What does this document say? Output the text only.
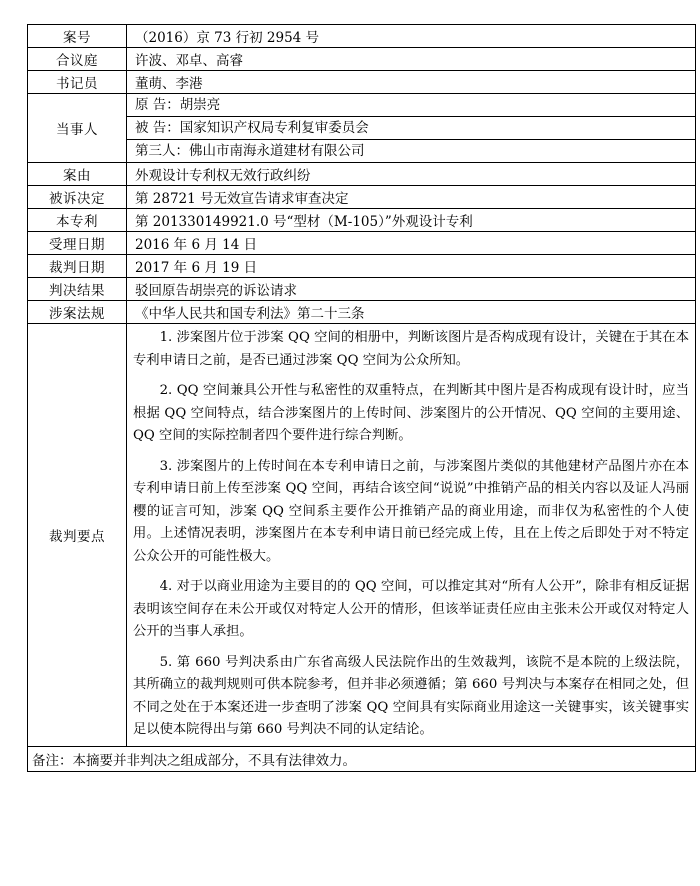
案号	（2016）京 73 行初 2954 号
合议庭	许波、邓卓、高睿
书记员	董萌、李港
当事人	原 告：胡崇亮
被 告：国家知识产权局专利复审委员会
第三人：佛山市南海永道建材有限公司

案由	外观设计专利权无效行政纠纷
被诉决定	第 28721 号无效宣告请求审查决定
本专利	第 201330149921.0 号“型材（M-105）”外观设计专利
受理日期	2016 年 6 月 14 日
裁判日期	2017 年 6 月 19 日
判决结果	驳回原告胡崇亮的诉讼请求
涉案法规	《中华人民共和国专利法》第二十三条
裁判要点	1. 涉案图片位于涉案 QQ 空间的相册中，判断该图片是否构成现有设计，关键在于其在本专利申请日之前，是否已通过涉案 QQ 空间为公众所知。

2. QQ 空间兼具公开性与私密性的双重特点，在判断其中图片是否构成现有设计时，应当根据 QQ 空间特点，结合涉案图片的上传时间、涉案图片的公开情况、QQ 空间的主要用途、QQ 空间的实际控制者四个要件进行综合判断。

3. 涉案图片的上传时间在本专利申请日之前，与涉案图片类似的其他建材产品图片亦在本专利申请日前上传至涉案 QQ 空间，再结合该空间“说说”中推销产品的相关内容以及证人冯丽樱的证言可知，涉案 QQ 空间系主要作公开推销产品的商业用途，而非仅为私密性的个人使用。上述情况表明，涉案图片在本专利申请日前已经完成上传，且在上传之后即处于对不特定公众公开的可能性极大。

4. 对于以商业用途为主要目的的 QQ 空间，可以推定其对“所有人公开”，除非有相反证据表明该空间存在未公开或仅对特定人公开的情形，但该举证责任应由主张未公开或仅对特定人公开的当事人承担。

5. 第 660 号判决系由广东省高级人民法院作出的生效裁判，该院不是本院的上级法院，其所确立的裁判规则可供本院参考，但并非必须遵循；第 660 号判决与本案存在相同之处，但不同之处在于本案还进一步查明了涉案 QQ 空间具有实际商业用途这一关键事实，该关键事实足以使本院得出与第 660 号判决不同的认定结论。

备注：本摘要并非判决之组成部分，不具有法律效力。	
